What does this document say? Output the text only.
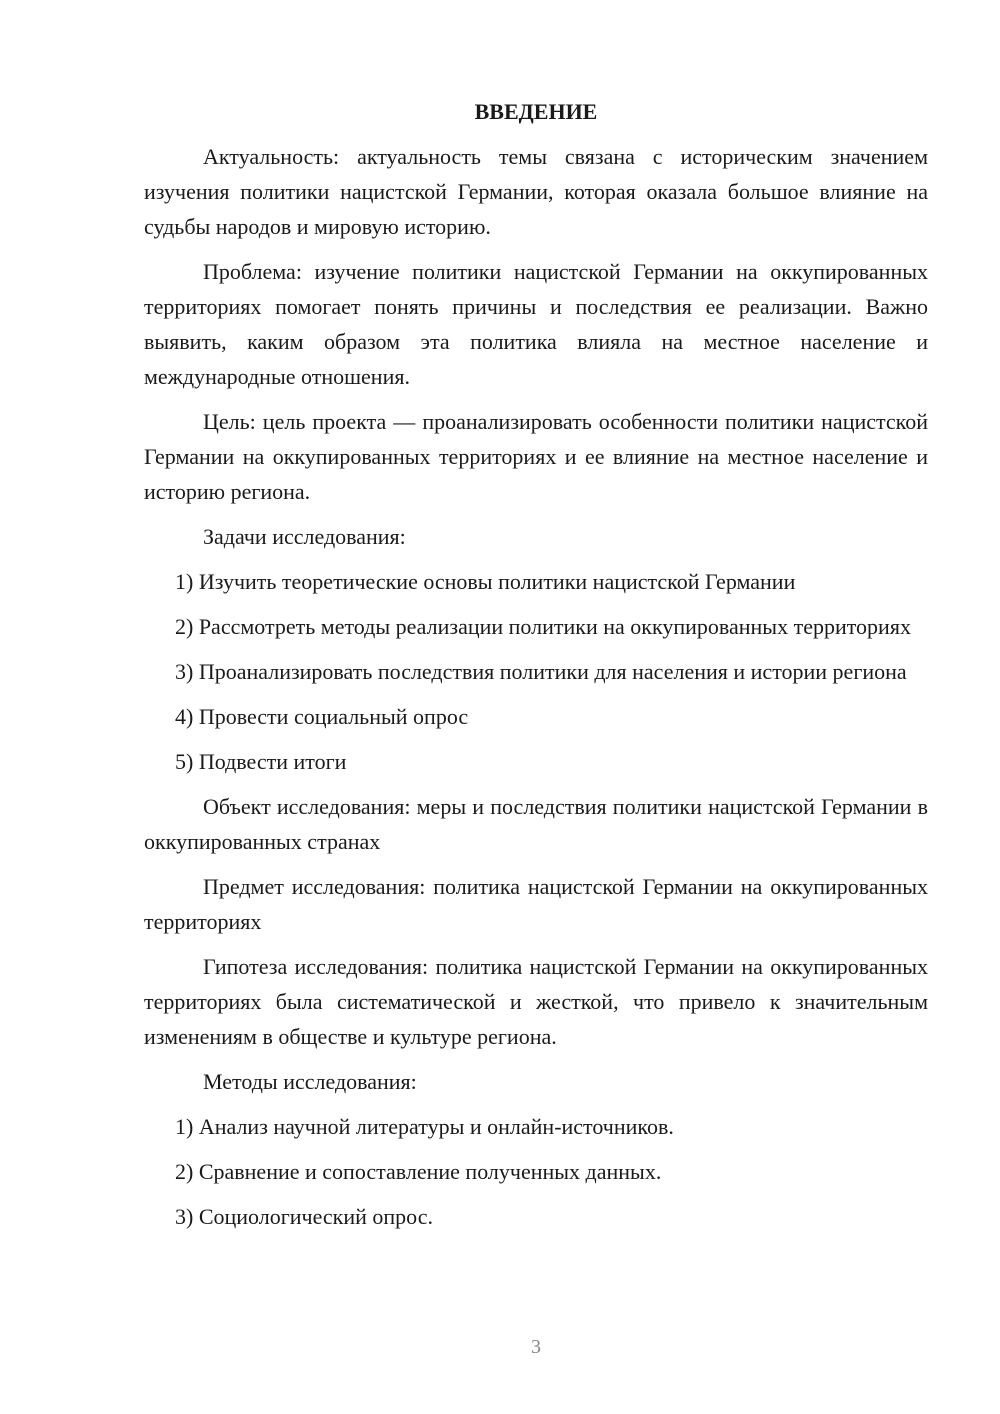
ВВЕДЕНИЕ

Актуальность: актуальность темы связана с историческим значением изучения политики нацистской Германии, которая оказала большое влияние на судьбы народов и мировую историю.

Проблема: изучение политики нацистской Германии на оккупированных территориях помогает понять причины и последствия ее реализации. Важно выявить, каким образом эта политика влияла на местное население и международные отношения.

Цель: цель проекта — проанализировать особенности политики нацистской Германии на оккупированных территориях и ее влияние на местное население и историю региона.

Задачи исследования:

1) Изучить теоретические основы политики нацистской Германии

2) Рассмотреть методы реализации политики на оккупированных территориях

3) Проанализировать последствия политики для населения и истории региона

4) Провести социальный опрос

5) Подвести итоги

Объект исследования: меры и последствия политики нацистской Германии в оккупированных странах

Предмет исследования: политика нацистской Германии на оккупированных территориях

Гипотеза исследования: политика нацистской Германии на оккупированных территориях была систематической и жесткой, что привело к значительным изменениям в обществе и культуре региона.

Методы исследования:

1) Анализ научной литературы и онлайн-источников.

2) Сравнение и сопоставление полученных данных.

3) Социологический опрос.

3
